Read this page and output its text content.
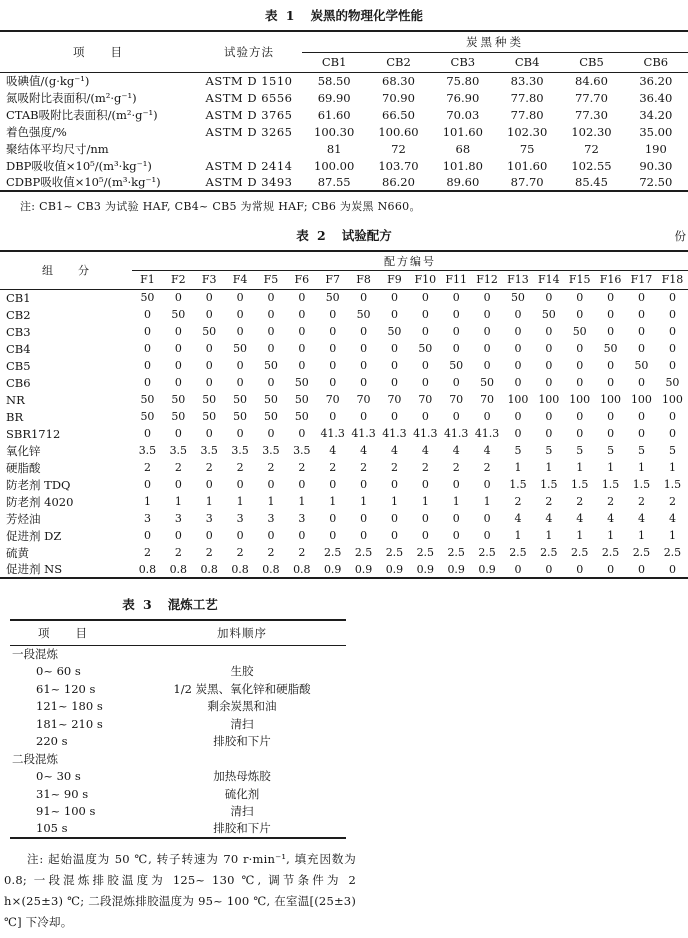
表 1 炭黑的物理化学性能
项　　目	试验方法	炭黑种类					
		CB1	CB2	CB3	CB4	CB5	CB6
吸碘值/(g·kg⁻¹)	ASTM D 1510	58.50	68.30	75.80	83.30	84.60	36.20
氮吸附比表面积/(m²·g⁻¹)	ASTM D 6556	69.90	70.90	76.90	77.80	77.70	36.40
CTAB吸附比表面积/(m²·g⁻¹)	ASTM D 3765	61.60	66.50	70.03	77.80	77.30	34.20
着色强度/%	ASTM D 3265	100.30	100.60	101.60	102.30	102.30	35.00
聚结体平均尺寸/nm		81	72	68	75	72	190
DBP吸收值×10⁵/(m³·kg⁻¹)	ASTM D 2414	100.00	103.70	101.80	101.60	102.55	90.30
CDBP吸收值×10⁵/(m³·kg⁻¹)	ASTM D 3493	87.55	86.20	89.60	87.70	85.45	72.50
注: CB1~ CB3 为试验 HAF, CB4~ CB5 为常规 HAF; CB6 为炭黑 N660。
表 2 试验配方	份
组　　分	配方编号																	
	F1	F2	F3	F4	F5	F6	F7	F8	F9	F10	F11	F12	F13	F14	F15	F16	F17	F18
CB1	50	0	0	0	0	0	50	0	0	0	0	0	50	0	0	0	0	0
CB2	0	50	0	0	0	0	0	50	0	0	0	0	0	50	0	0	0	0
CB3	0	0	50	0	0	0	0	0	50	0	0	0	0	0	50	0	0	0
CB4	0	0	0	50	0	0	0	0	0	50	0	0	0	0	0	50	0	0
CB5	0	0	0	0	50	0	0	0	0	0	50	0	0	0	0	0	50	0
CB6	0	0	0	0	0	50	0	0	0	0	0	50	0	0	0	0	0	50
NR	50	50	50	50	50	50	70	70	70	70	70	70	100	100	100	100	100	100
BR	50	50	50	50	50	50	0	0	0	0	0	0	0	0	0	0	0	0
SBR1712	0	0	0	0	0	0	41.3	41.3	41.3	41.3	41.3	41.3	0	0	0	0	0	0
氧化锌	3.5	3.5	3.5	3.5	3.5	3.5	4	4	4	4	4	4	5	5	5	5	5	5
硬脂酸	2	2	2	2	2	2	2	2	2	2	2	2	1	1	1	1	1	1
防老剂 TDQ	0	0	0	0	0	0	0	0	0	0	0	0	1.5	1.5	1.5	1.5	1.5	1.5
防老剂 4020	1	1	1	1	1	1	1	1	1	1	1	1	2	2	2	2	2	2
芳烃油	3	3	3	3	3	3	0	0	0	0	0	0	4	4	4	4	4	4
促进剂 DZ	0	0	0	0	0	0	0	0	0	0	0	0	1	1	1	1	1	1
硫黄	2	2	2	2	2	2	2.5	2.5	2.5	2.5	2.5	2.5	2.5	2.5	2.5	2.5	2.5	2.5
促进剂 NS	0.8	0.8	0.8	0.8	0.8	0.8	0.9	0.9	0.9	0.9	0.9	0.9	0	0	0	0	0	0
表 3 混炼工艺
项　　目	加料顺序
一段混炼	
0~ 60 s	生胶
61~ 120 s	1/2 炭黑、氧化锌和硬脂酸
121~ 180 s	剩余炭黑和油
181~ 210 s	清扫
220 s	排胶和下片
二段混炼	
0~ 30 s	加热母炼胶
31~ 90 s	硫化剂
91~ 100 s	清扫
105 s	排胶和下片
注: 起始温度为 50 ℃, 转子转速为 70 r·min⁻¹, 填充因数为 0.8; 一段混炼排胶温度为 125~ 130 ℃, 调节条件为 2 h×(25±3) ℃; 二段混炼排胶温度为 95~ 100 ℃, 在室温[(25±3) ℃] 下冷却。
